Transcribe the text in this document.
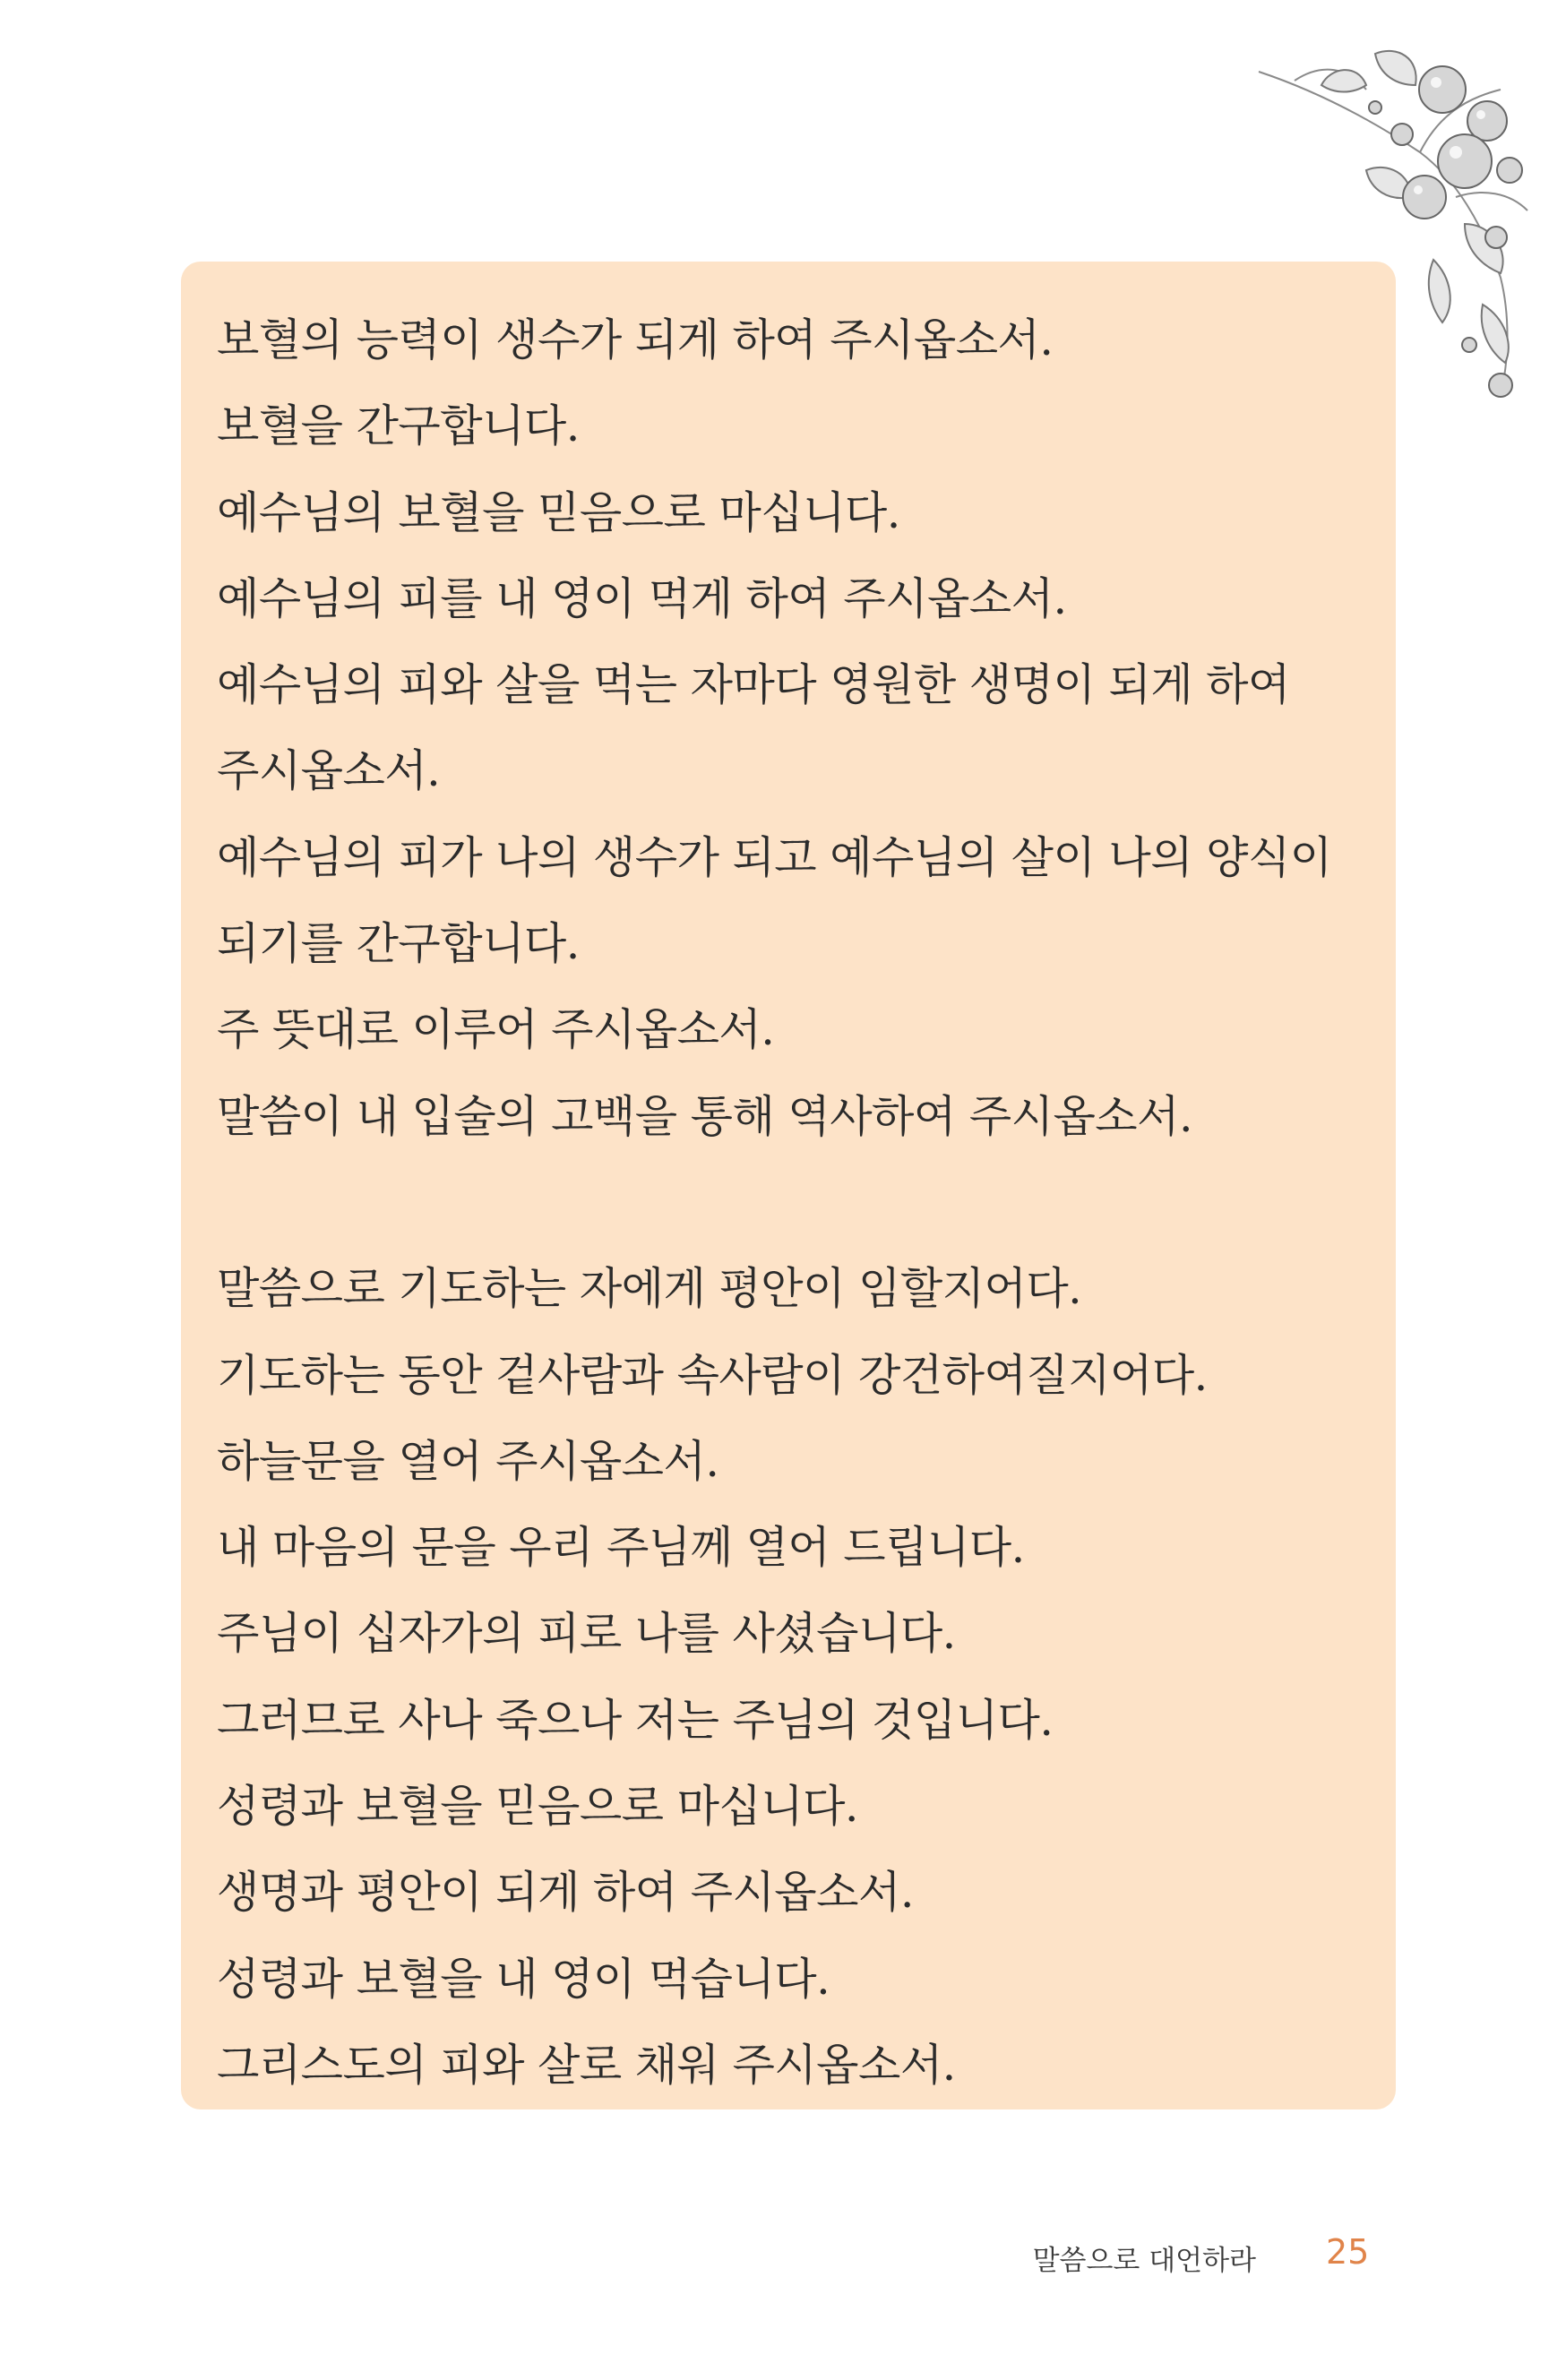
보혈의 능력이 생수가 되게 하여 주시옵소서.
보혈을 간구합니다.
예수님의 보혈을 믿음으로 마십니다.
예수님의 피를 내 영이 먹게 하여 주시옵소서.
예수님의 피와 살을 먹는 자마다 영원한 생명이 되게 하여
주시옵소서.
예수님의 피가 나의 생수가 되고 예수님의 살이 나의 양식이
되기를 간구합니다.
주 뜻대로 이루어 주시옵소서.
말씀이 내 입술의 고백을 통해 역사하여 주시옵소서.
말씀으로 기도하는 자에게 평안이 임할지어다.
기도하는 동안 겉사람과 속사람이 강건하여질지어다.
하늘문을 열어 주시옵소서.
내 마음의 문을 우리 주님께 열어 드립니다.
주님이 십자가의 피로 나를 사셨습니다.
그러므로 사나 죽으나 저는 주님의 것입니다.
성령과 보혈을 믿음으로 마십니다.
생명과 평안이 되게 하여 주시옵소서.
성령과 보혈을 내 영이 먹습니다.
그리스도의 피와 살로 채워 주시옵소서.
말씀으로 대언하라 25
